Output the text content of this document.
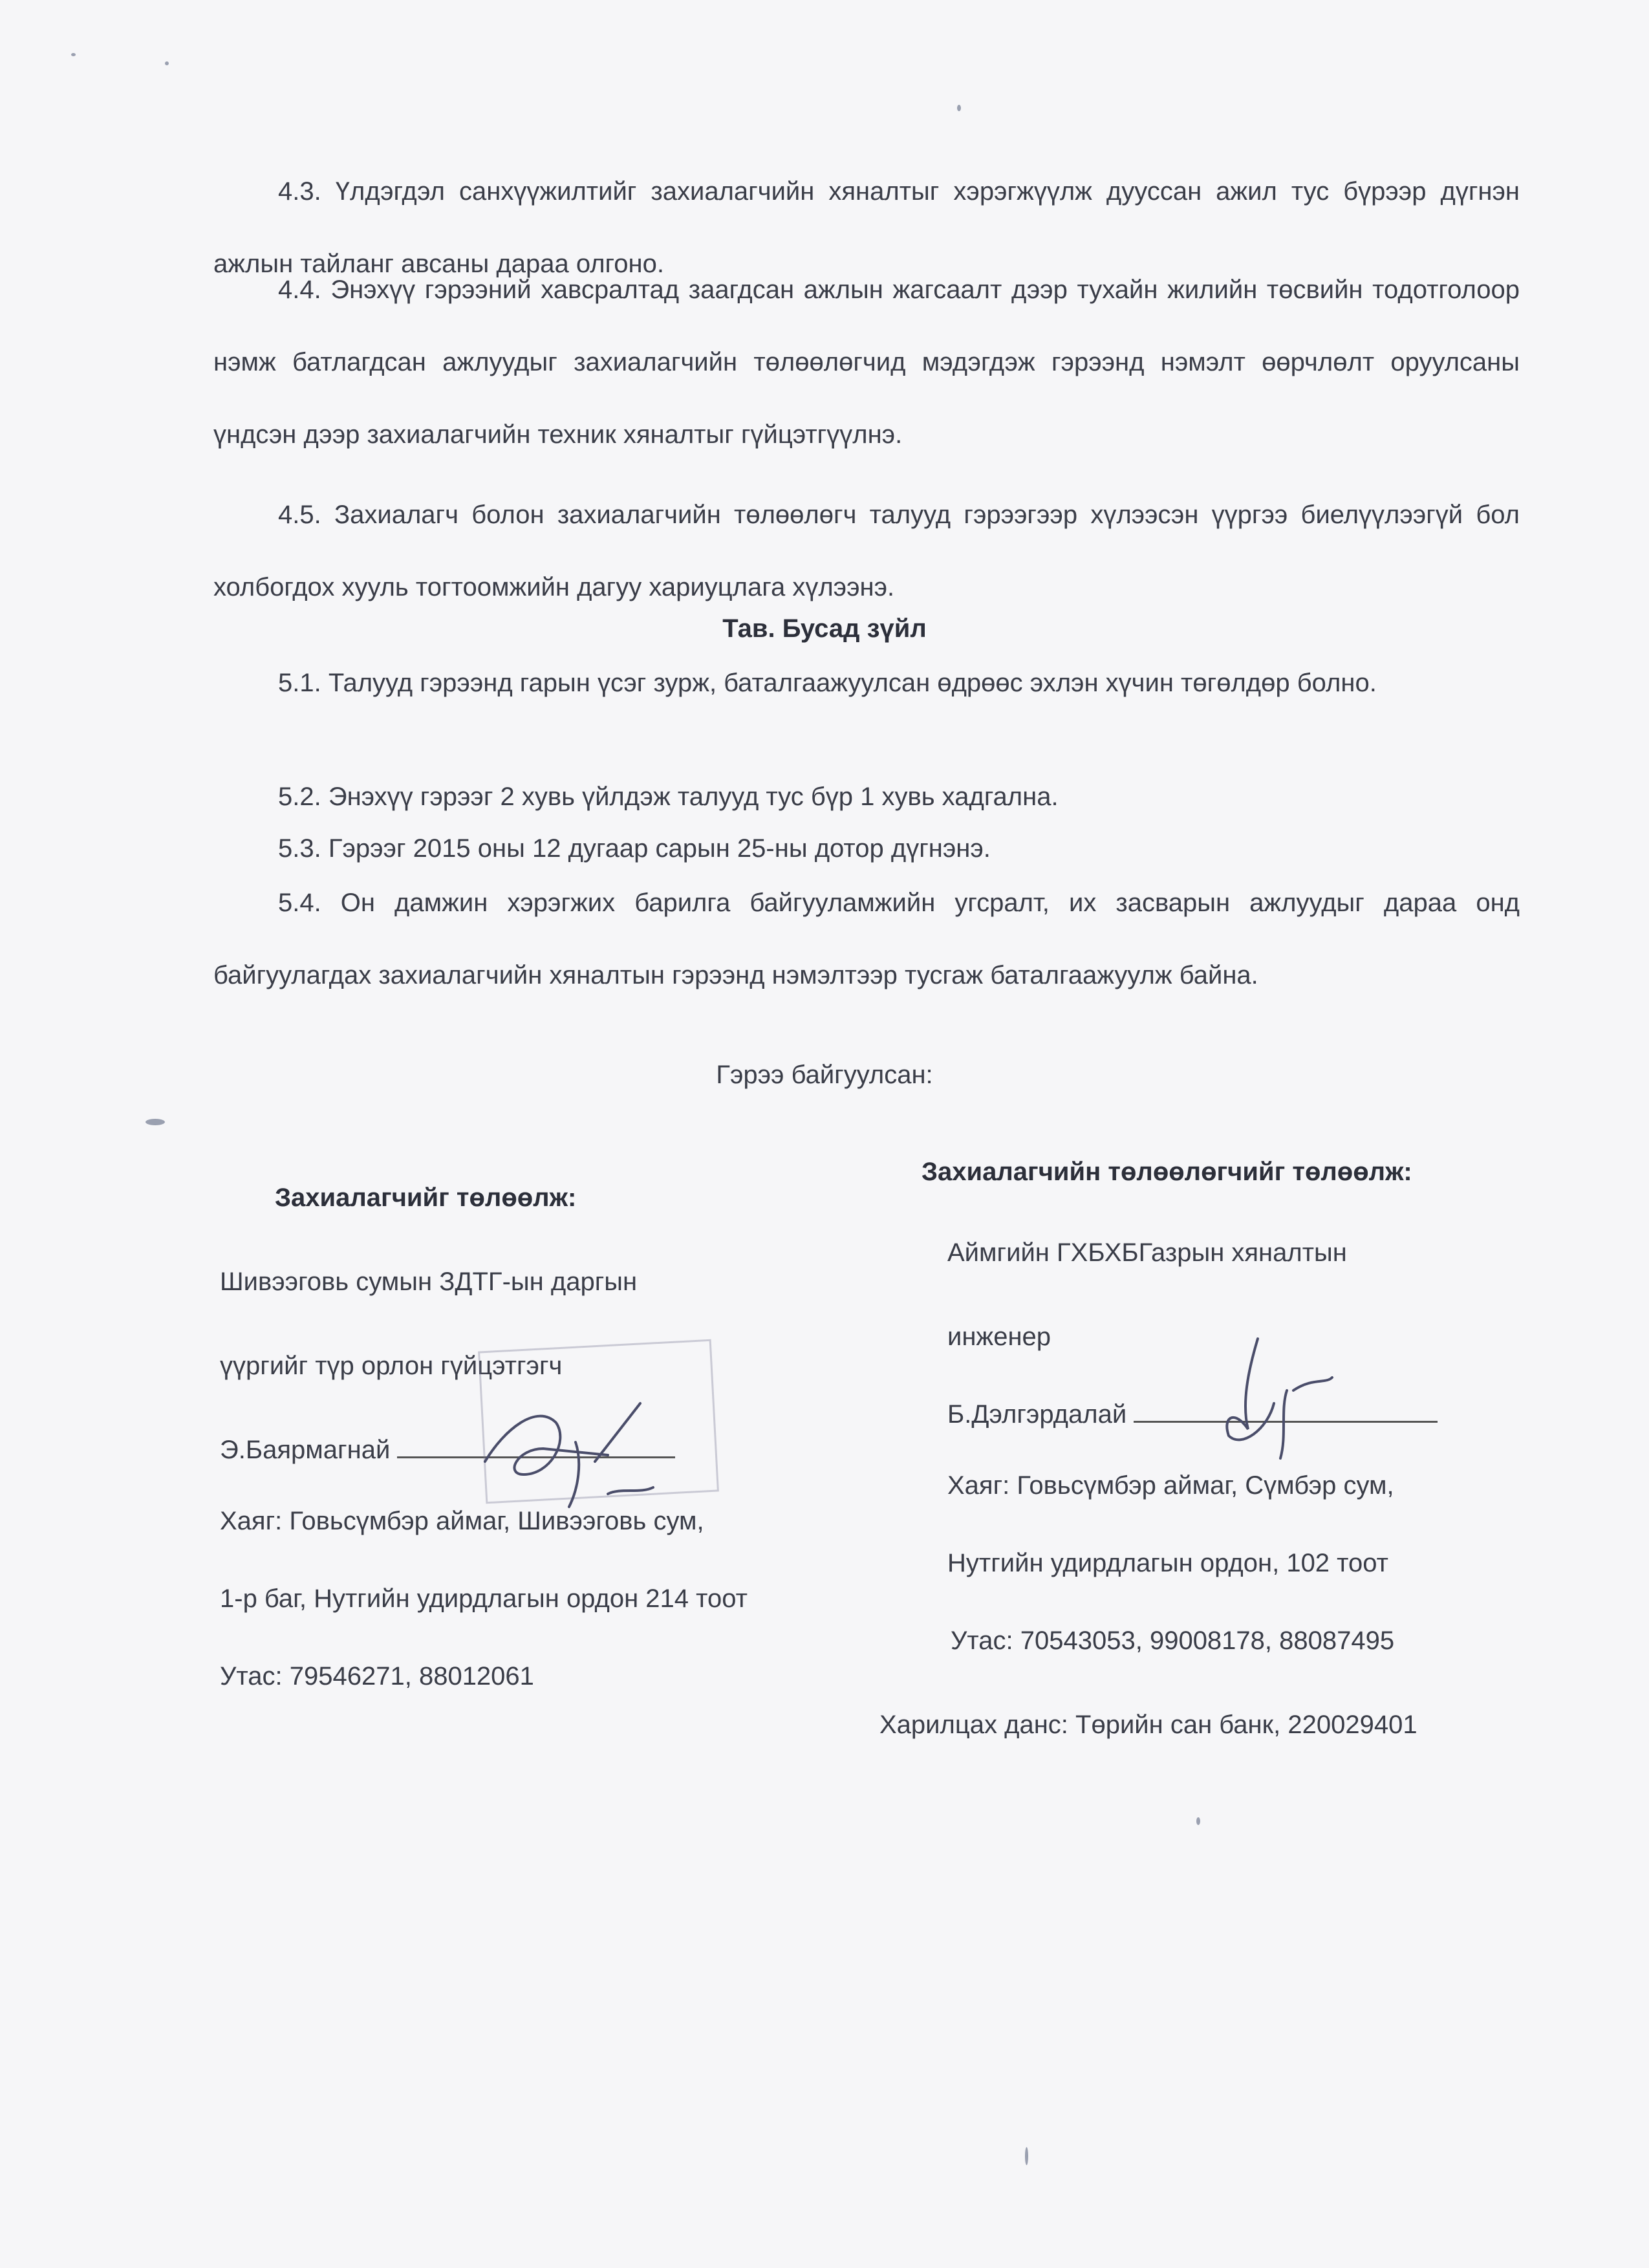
4.3. Үлдэгдэл санхүүжилтийг захиалагчийн хяналтыг хэрэгжүүлж дууссан ажил тус бүрээр дүгнэн ажлын тайланг авсаны дараа олгоно.

4.4. Энэхүү гэрээний хавсралтад заагдсан ажлын жагсаалт дээр тухайн жилийн төсвийн тодотголоор нэмж батлагдсан ажлуудыг захиалагчийн төлөөлөгчид мэдэгдэж гэрээнд нэмэлт өөрчлөлт оруулсаны үндсэн дээр захиалагчийн техник хяналтыг гүйцэтгүүлнэ.

4.5. Захиалагч болон захиалагчийн төлөөлөгч талууд гэрээгээр хүлээсэн үүргээ биелүүлээгүй бол холбогдох хууль тогтоомжийн дагуу хариуцлага хүлээнэ.

Тав. Бусад зүйл

5.1. Талууд гэрээнд гарын үсэг зурж, баталгаажуулсан өдрөөс эхлэн хүчин төгөлдөр болно.

5.2. Энэхүү гэрээг 2 хувь үйлдэж талууд тус бүр 1 хувь хадгална.

5.3. Гэрээг 2015 оны 12 дугаар сарын 25-ны дотор дүгнэнэ.

5.4. Он дамжин хэрэгжих барилга байгууламжийн угсралт, их засварын ажлуудыг дараа онд байгуулагдах захиалагчийн хяналтын гэрээнд нэмэлтээр тусгаж баталгаажуулж байна.

Гэрээ байгуулсан:

Захиалагчийг төлөөлж:
Шивээговь сумын ЗДТГ-ын даргын
үүргийг түр орлон гүйцэтгэгч
Э.Баярмагнай
Хаяг: Говьсүмбэр аймаг, Шивээговь сум,
1-р баг, Нутгийн удирдлагын ордон 214 тоот
Утас: 79546271, 88012061
Захиалагчийн төлөөлөгчийг төлөөлж:
Аймгийн ГХБХБГазрын хяналтын
инженер
Б.Дэлгэрдалай
Хаяг: Говьсүмбэр аймаг, Сүмбэр сум,
Нутгийн удирдлагын ордон, 102 тоот
Утас: 70543053, 99008178, 88087495
Харилцах данс: Төрийн сан банк, 220029401
